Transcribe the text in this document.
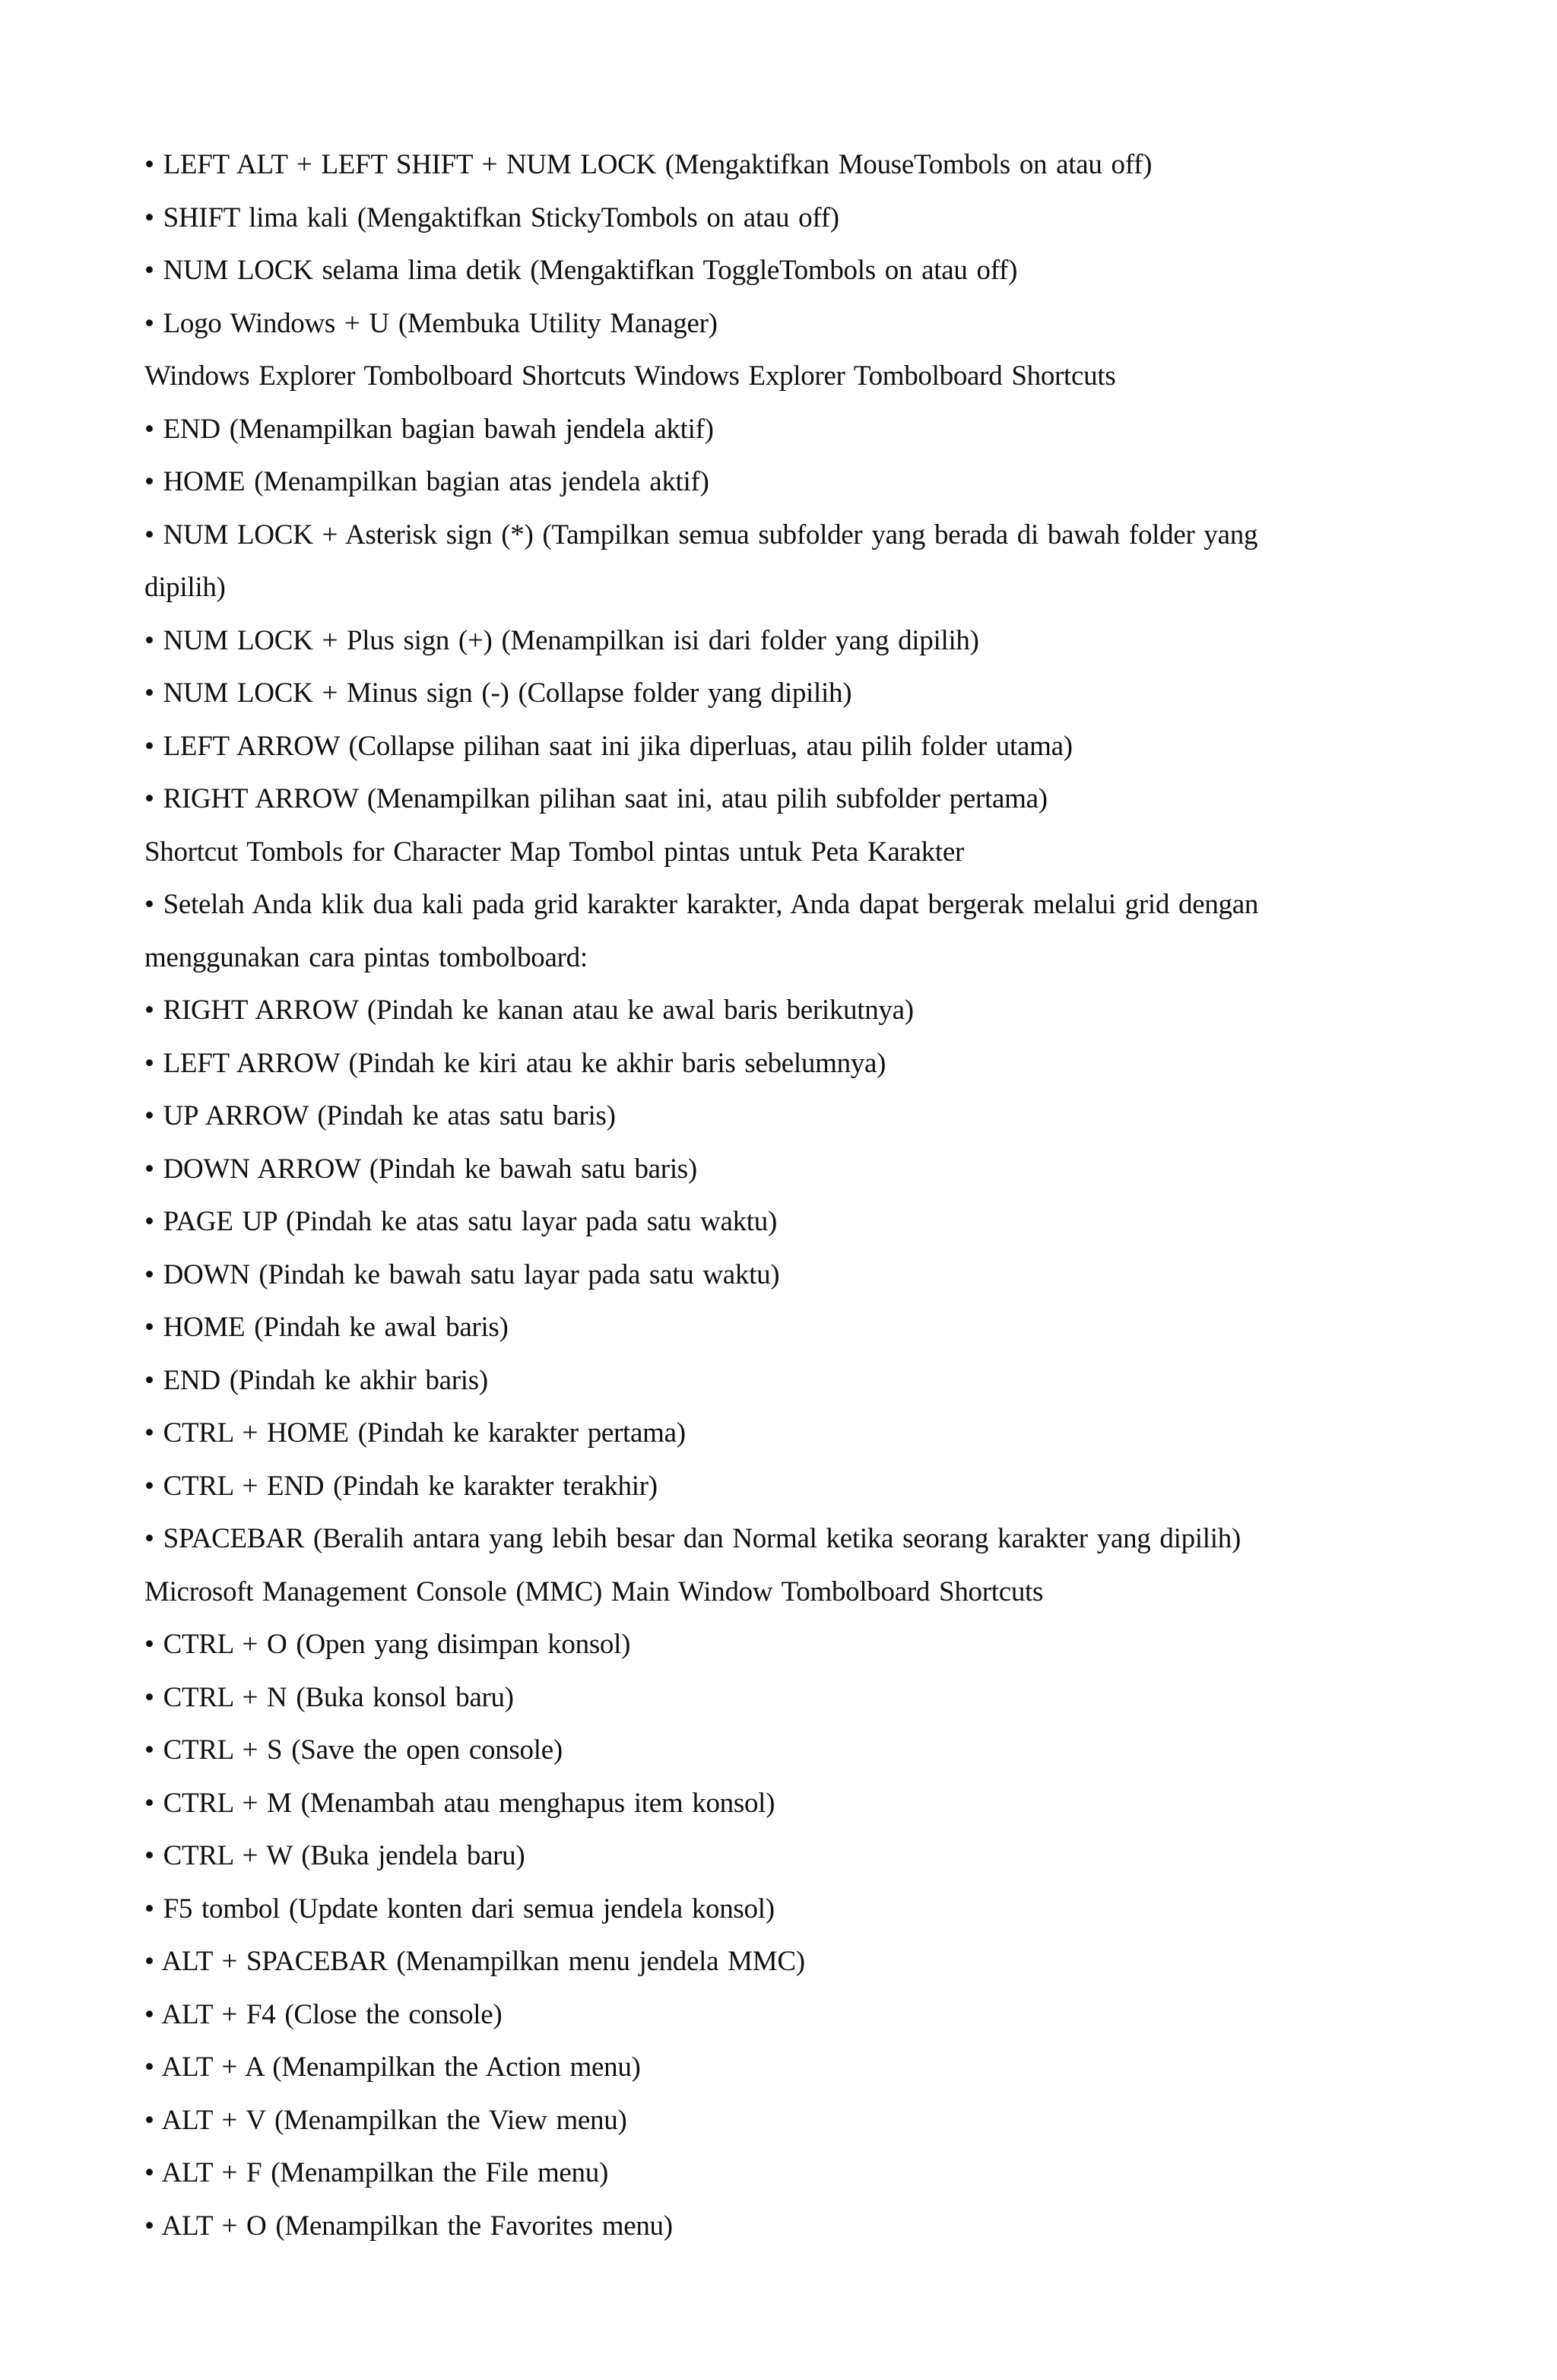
• LEFT ALT + LEFT SHIFT + NUM LOCK (Mengaktifkan MouseTombols on atau off)
• SHIFT lima kali (Mengaktifkan StickyTombols on atau off)
• NUM LOCK selama lima detik (Mengaktifkan ToggleTombols on atau off)
• Logo Windows + U (Membuka Utility Manager)
Windows Explorer Tombolboard Shortcuts Windows Explorer Tombolboard Shortcuts
• END (Menampilkan bagian bawah jendela aktif)
• HOME (Menampilkan bagian atas jendela aktif)
• NUM LOCK + Asterisk sign (*) (Tampilkan semua subfolder yang berada di bawah folder yang
dipilih)
• NUM LOCK + Plus sign (+) (Menampilkan isi dari folder yang dipilih)
• NUM LOCK + Minus sign (-) (Collapse folder yang dipilih)
• LEFT ARROW (Collapse pilihan saat ini jika diperluas, atau pilih folder utama)
• RIGHT ARROW (Menampilkan pilihan saat ini, atau pilih subfolder pertama)
Shortcut Tombols for Character Map Tombol pintas untuk Peta Karakter
• Setelah Anda klik dua kali pada grid karakter karakter, Anda dapat bergerak melalui grid dengan
menggunakan cara pintas tombolboard:
• RIGHT ARROW (Pindah ke kanan atau ke awal baris berikutnya)
• LEFT ARROW (Pindah ke kiri atau ke akhir baris sebelumnya)
• UP ARROW (Pindah ke atas satu baris)
• DOWN ARROW (Pindah ke bawah satu baris)
• PAGE UP (Pindah ke atas satu layar pada satu waktu)
• DOWN (Pindah ke bawah satu layar pada satu waktu)
• HOME (Pindah ke awal baris)
• END (Pindah ke akhir baris)
• CTRL + HOME (Pindah ke karakter pertama)
• CTRL + END (Pindah ke karakter terakhir)
• SPACEBAR (Beralih antara yang lebih besar dan Normal ketika seorang karakter yang dipilih)
Microsoft Management Console (MMC) Main Window Tombolboard Shortcuts
• CTRL + O (Open yang disimpan konsol)
• CTRL + N (Buka konsol baru)
• CTRL + S (Save the open console)
• CTRL + M (Menambah atau menghapus item konsol)
• CTRL + W (Buka jendela baru)
• F5 tombol (Update konten dari semua jendela konsol)
• ALT + SPACEBAR (Menampilkan menu jendela MMC)
• ALT + F4 (Close the console)
• ALT + A (Menampilkan the Action menu)
• ALT + V (Menampilkan the View menu)
• ALT + F (Menampilkan the File menu)
• ALT + O (Menampilkan the Favorites menu)
